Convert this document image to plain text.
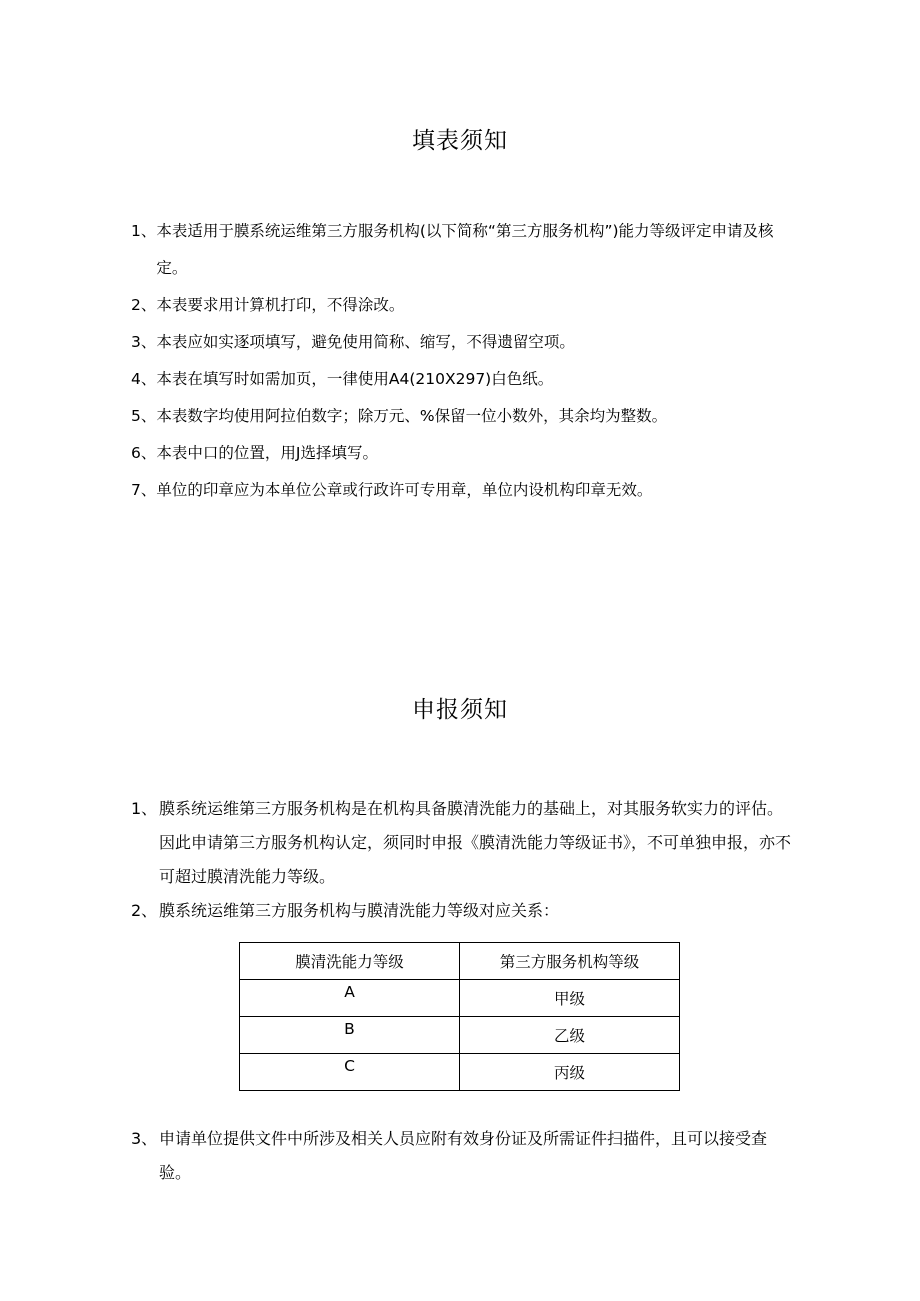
填表须知
1、 本表适用于膜系统运维第三方服务机构(以下简称“第三方服务机构”)能力等级评定申请及核定。
2、 本表要求用计算机打印，不得涂改。
3、 本表应如实逐项填写，避免使用简称、缩写，不得遗留空项。
4、 本表在填写时如需加页，一律使用A4(210X297)白色纸。
5、 本表数字均使用阿拉伯数字；除万元、%保留一位小数外，其余均为整数。
6、 本表中口的位置，用J选择填写。
7、 单位的印章应为本单位公章或行政许可专用章，单位内设机构印章无效。
申报须知
1、 膜系统运维第三方服务机构是在机构具备膜清洗能力的基础上，对其服务软实力的评估。因此申请第三方服务机构认定，须同时申报《膜清洗能力等级证书》，不可单独申报，亦不可超过膜清洗能力等级。
2、 膜系统运维第三方服务机构与膜清洗能力等级对应关系：
膜清洗能力等级	第三方服务机构等级
A	甲级
B	乙级
C	丙级
3、 申请单位提供文件中所涉及相关人员应附有效身份证及所需证件扫描件，且可以接受查验。
